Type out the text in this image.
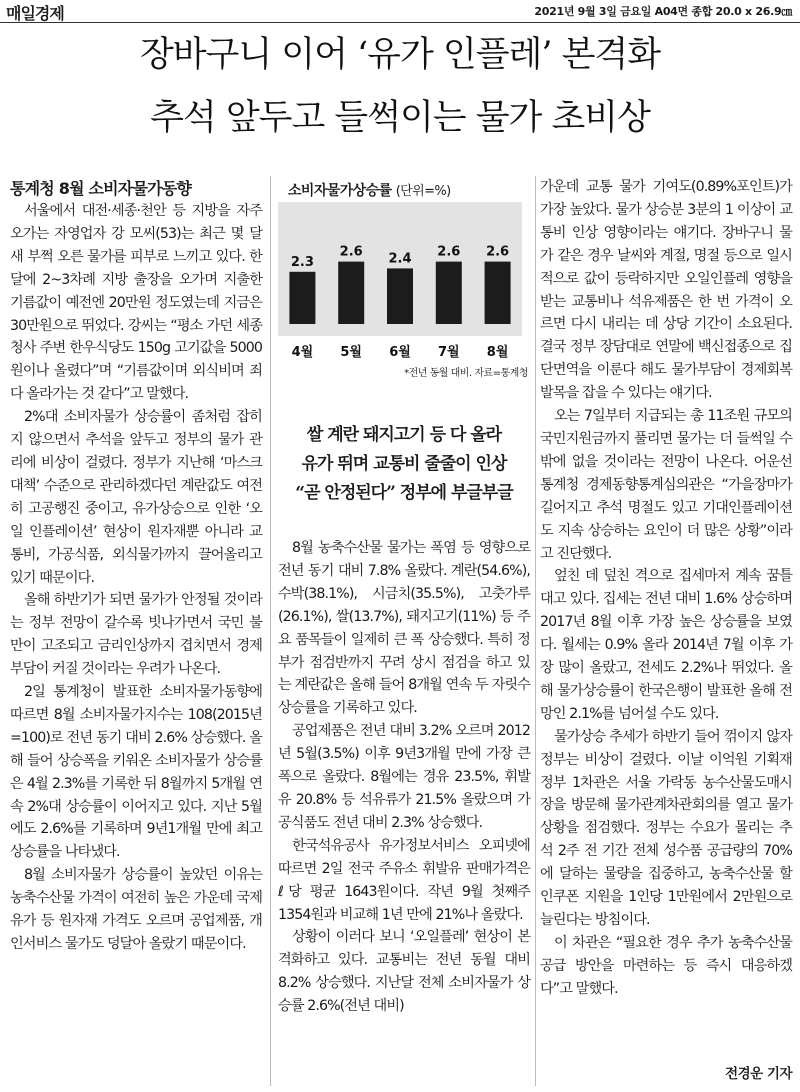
매일경제	2021년 9월 3일 금요일 A04면 종합 20.0 x 26.9㎝
장바구니 이어 ‘유가 인플레’ 본격화
추석 앞두고 들썩이는 물가 초비상
통계청 8월 소비자물가동향

서울에서 대전·세종·천안 등 지방을 자주 오가는 자영업자 강 모씨(53)는 최근 몇 달 새 부쩍 오른 물가를 피부로 느끼고 있다. 한 달에 2~3차례 지방 출장을 오가며 지출한 기름값이 예전엔 20만원 정도였는데 지금은 30만원으로 뛰었다. 강씨는 “평소 가던 세종청사 주변 한우식당도 150g 고기값을 5000원이나 올렸다”며 “기름값이며 외식비며 죄다 올라가는 것 같다”고 말했다.

2%대 소비자물가 상승률이 좀처럼 잡히지 않으면서 추석을 앞두고 정부의 물가 관리에 비상이 걸렸다. 정부가 지난해 ‘마스크 대책’ 수준으로 관리하겠다던 계란값도 여전히 고공행진 중이고, 유가상승으로 인한 ‘오일 인플레이션’ 현상이 원자재뿐 아니라 교통비, 가공식품, 외식물가까지 끌어올리고 있기 때문이다.

올해 하반기가 되면 물가가 안정될 것이라는 정부 전망이 갈수록 빗나가면서 국민 불만이 고조되고 금리인상까지 겹치면서 경제 부담이 커질 것이라는 우려가 나온다.

2일 통계청이 발표한 소비자물가동향에 따르면 8월 소비자물가지수는 108(2015년=100)로 전년 동기 대비 2.6% 상승했다. 올해 들어 상승폭을 키워온 소비자물가 상승률은 4월 2.3%를 기록한 뒤 8월까지 5개월 연속 2%대 상승률이 이어지고 있다. 지난 5월에도 2.6%를 기록하며 9년1개월 만에 최고 상승률을 나타냈다.

8월 소비자물가 상승률이 높았던 이유는 농축수산물 가격이 여전히 높은 가운데 국제유가 등 원자재 가격도 오르며 공업제품, 개인서비스 물가도 덩달아 올랐기 때문이다.

소비자물가상승률 (단위=%)
2.3
4월
2.6
5월
2.4
6월
2.6
7월
2.6
8월
*전년 동월 대비. 자료=통계청
쌀 계란 돼지고기 등 다 올라
유가 뛰며 교통비 줄줄이 인상
“곧 안정된다” 정부에 부글부글

8월 농축수산물 물가는 폭염 등 영향으로 전년 동기 대비 7.8% 올랐다. 계란(54.6%), 수박(38.1%), 시금치(35.5%), 고춧가루(26.1%), 쌀(13.7%), 돼지고기(11%) 등 주요 품목들이 일제히 큰 폭 상승했다. 특히 정부가 점검반까지 꾸려 상시 점검을 하고 있는 계란값은 올해 들어 8개월 연속 두 자릿수 상승률을 기록하고 있다.

공업제품은 전년 대비 3.2% 오르며 2012년 5월(3.5%) 이후 9년3개월 만에 가장 큰 폭으로 올랐다. 8월에는 경유 23.5%, 휘발유 20.8% 등 석유류가 21.5% 올랐으며 가공식품도 전년 대비 2.3% 상승했다.

한국석유공사 유가정보서비스 오피넷에 따르면 2일 전국 주유소 휘발유 판매가격은 ℓ당 평균 1643원이다. 작년 9월 첫째주 1354원과 비교해 1년 만에 21%나 올랐다.

상황이 이러다 보니 ‘오일플레’ 현상이 본격화하고 있다. 교통비는 전년 동월 대비 8.2% 상승했다. 지난달 전체 소비자물가 상승률 2.6%(전년 대비)

가운데 교통 물가 기여도(0.89%포인트)가 가장 높았다. 물가 상승분 3분의 1 이상이 교통비 인상 영향이라는 얘기다. 장바구니 물가 같은 경우 날씨와 계절, 명절 등으로 일시적으로 값이 등락하지만 오일인플레 영향을 받는 교통비나 석유제품은 한 번 가격이 오르면 다시 내리는 데 상당 기간이 소요된다. 결국 정부 장담대로 연말에 백신접종으로 집단면역을 이룬다 해도 물가부담이 경제회복 발목을 잡을 수 있다는 얘기다.

오는 7일부터 지급되는 총 11조원 규모의 국민지원금까지 풀리면 물가는 더 들썩일 수밖에 없을 것이라는 전망이 나온다. 어운선 통계청 경제동향통계심의관은 “가을장마가 길어지고 추석 명절도 있고 기대인플레이션도 지속 상승하는 요인이 더 많은 상황”이라고 진단했다.

엎친 데 덮친 격으로 집세마저 계속 꿈틀대고 있다. 집세는 전년 대비 1.6% 상승하며 2017년 8월 이후 가장 높은 상승률을 보였다. 월세는 0.9% 올라 2014년 7월 이후 가장 많이 올랐고, 전세도 2.2%나 뛰었다. 올해 물가상승률이 한국은행이 발표한 올해 전망인 2.1%를 넘어설 수도 있다.

물가상승 추세가 하반기 들어 꺾이지 않자 정부는 비상이 걸렸다. 이날 이억원 기획재정부 1차관은 서울 가락동 농수산물도매시장을 방문해 물가관계차관회의를 열고 물가 상황을 점검했다. 정부는 수요가 몰리는 추석 2주 전 기간 전체 성수품 공급량의 70%에 달하는 물량을 집중하고, 농축수산물 할인쿠폰 지원을 1인당 1만원에서 2만원으로 늘린다는 방침이다.

이 차관은 “필요한 경우 추가 농축수산물 공급 방안을 마련하는 등 즉시 대응하겠다”고 말했다.

전경운 기자
